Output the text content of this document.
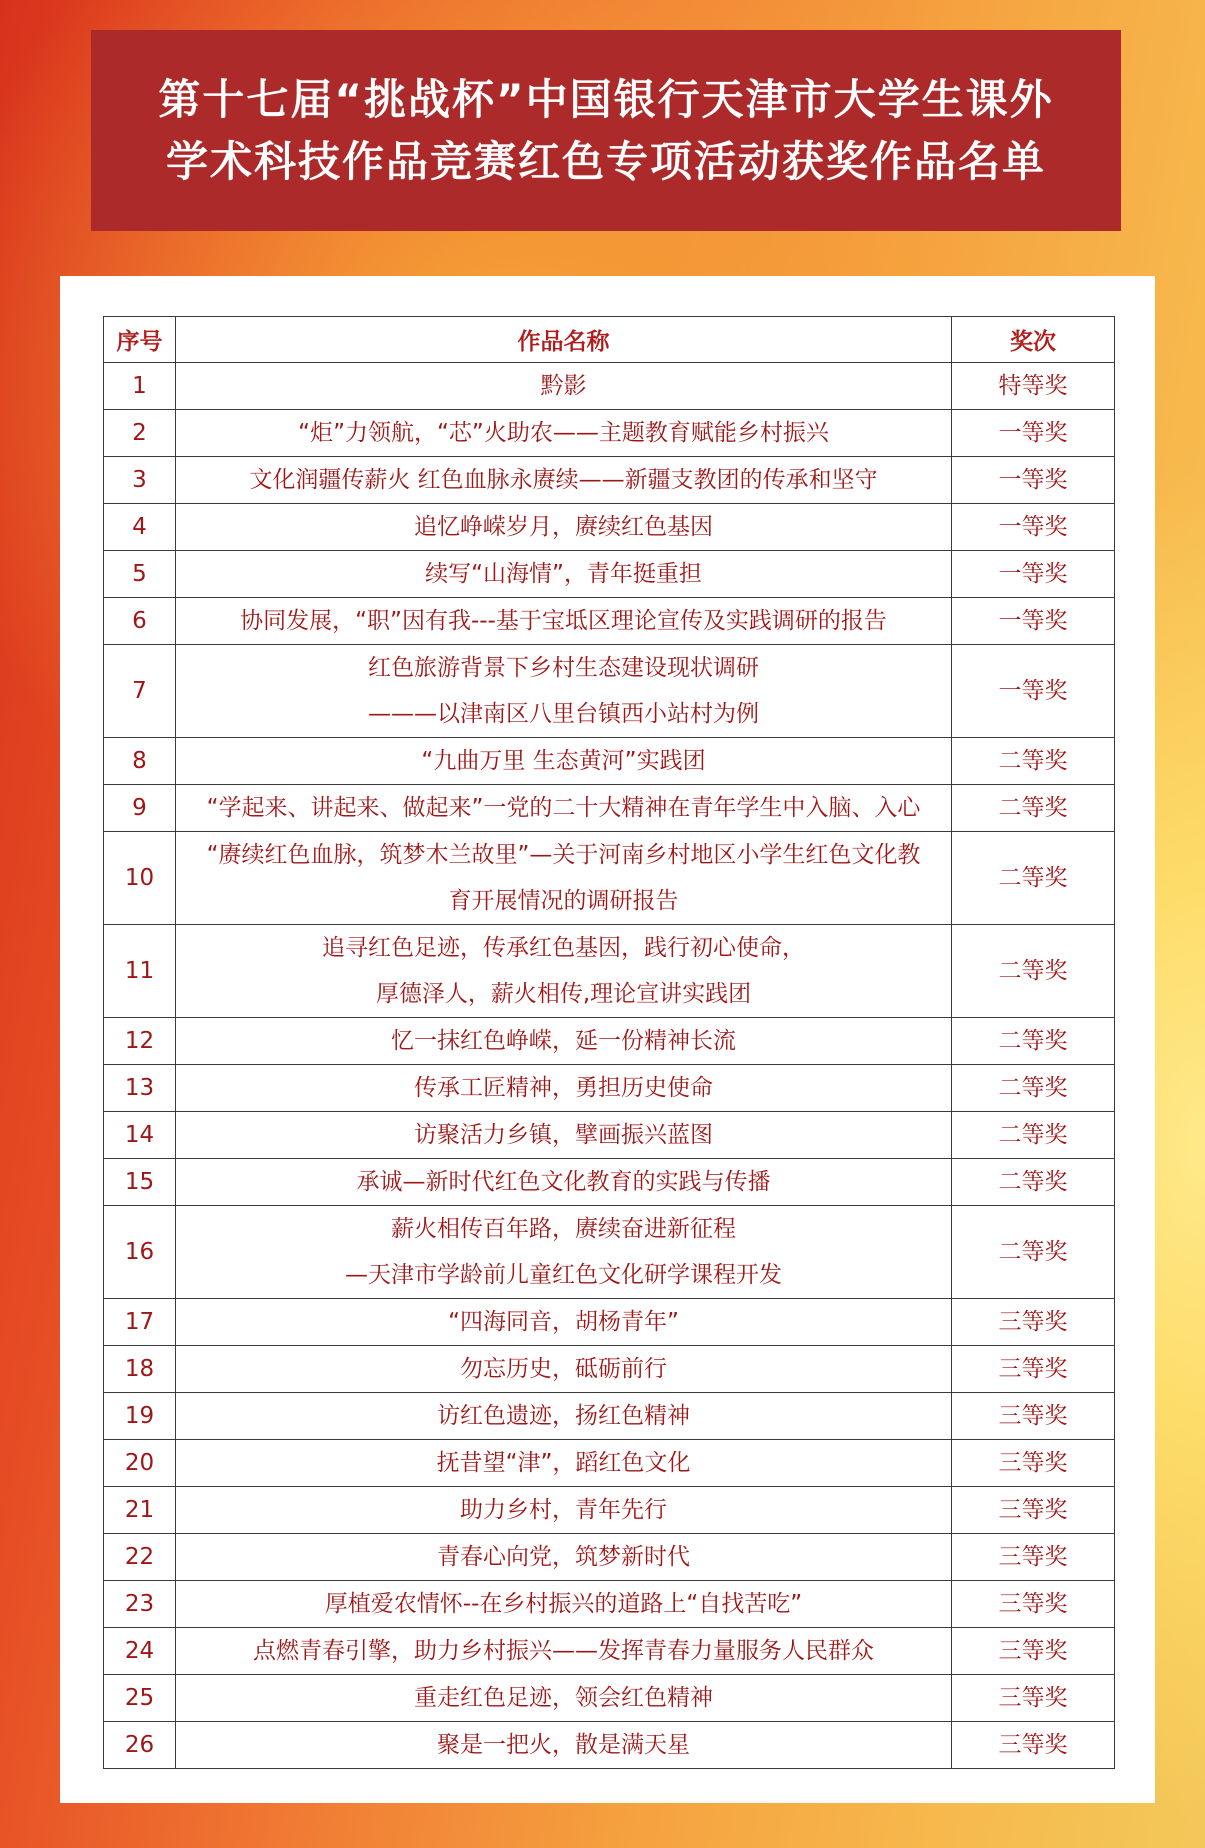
第十七届“挑战杯”中国银行天津市大学生课外
学术科技作品竞赛红色专项活动获奖作品名单
序号	作品名称	奖次
1	黔影	特等奖
2	“炬”力领航，“芯”火助农——主题教育赋能乡村振兴	一等奖
3	文化润疆传薪火 红色血脉永赓续——新疆支教团的传承和坚守	一等奖
4	追忆峥嵘岁月，赓续红色基因	一等奖
5	续写“山海情”，青年挺重担	一等奖
6	协同发展，“职”因有我---基于宝坻区理论宣传及实践调研的报告	一等奖
7	红色旅游背景下乡村生态建设现状调研
———以津南区八里台镇西小站村为例	一等奖
8	“九曲万里 生态黄河”实践团	二等奖
9	“学起来、讲起来、做起来”一党的二十大精神在青年学生中入脑、入心	二等奖
10	“赓续红色血脉，筑梦木兰故里”—关于河南乡村地区小学生红色文化教
育开展情况的调研报告	二等奖
11	追寻红色足迹，传承红色基因，践行初心使命，
厚德泽人，薪火相传,理论宣讲实践团	二等奖
12	忆一抹红色峥嵘，延一份精神长流	二等奖
13	传承工匠精神，勇担历史使命	二等奖
14	访聚活力乡镇，擘画振兴蓝图	二等奖
15	承诚—新时代红色文化教育的实践与传播	二等奖
16	薪火相传百年路，赓续奋进新征程
—天津市学龄前儿童红色文化研学课程开发	二等奖
17	“四海同音，胡杨青年”	三等奖
18	勿忘历史，砥砺前行	三等奖
19	访红色遗迹，扬红色精神	三等奖
20	抚昔望“津”，蹈红色文化	三等奖
21	助力乡村，青年先行	三等奖
22	青春心向党，筑梦新时代	三等奖
23	厚植爱农情怀--在乡村振兴的道路上“自找苦吃”	三等奖
24	点燃青春引擎，助力乡村振兴——发挥青春力量服务人民群众	三等奖
25	重走红色足迹，领会红色精神	三等奖
26	聚是一把火，散是满天星	三等奖
